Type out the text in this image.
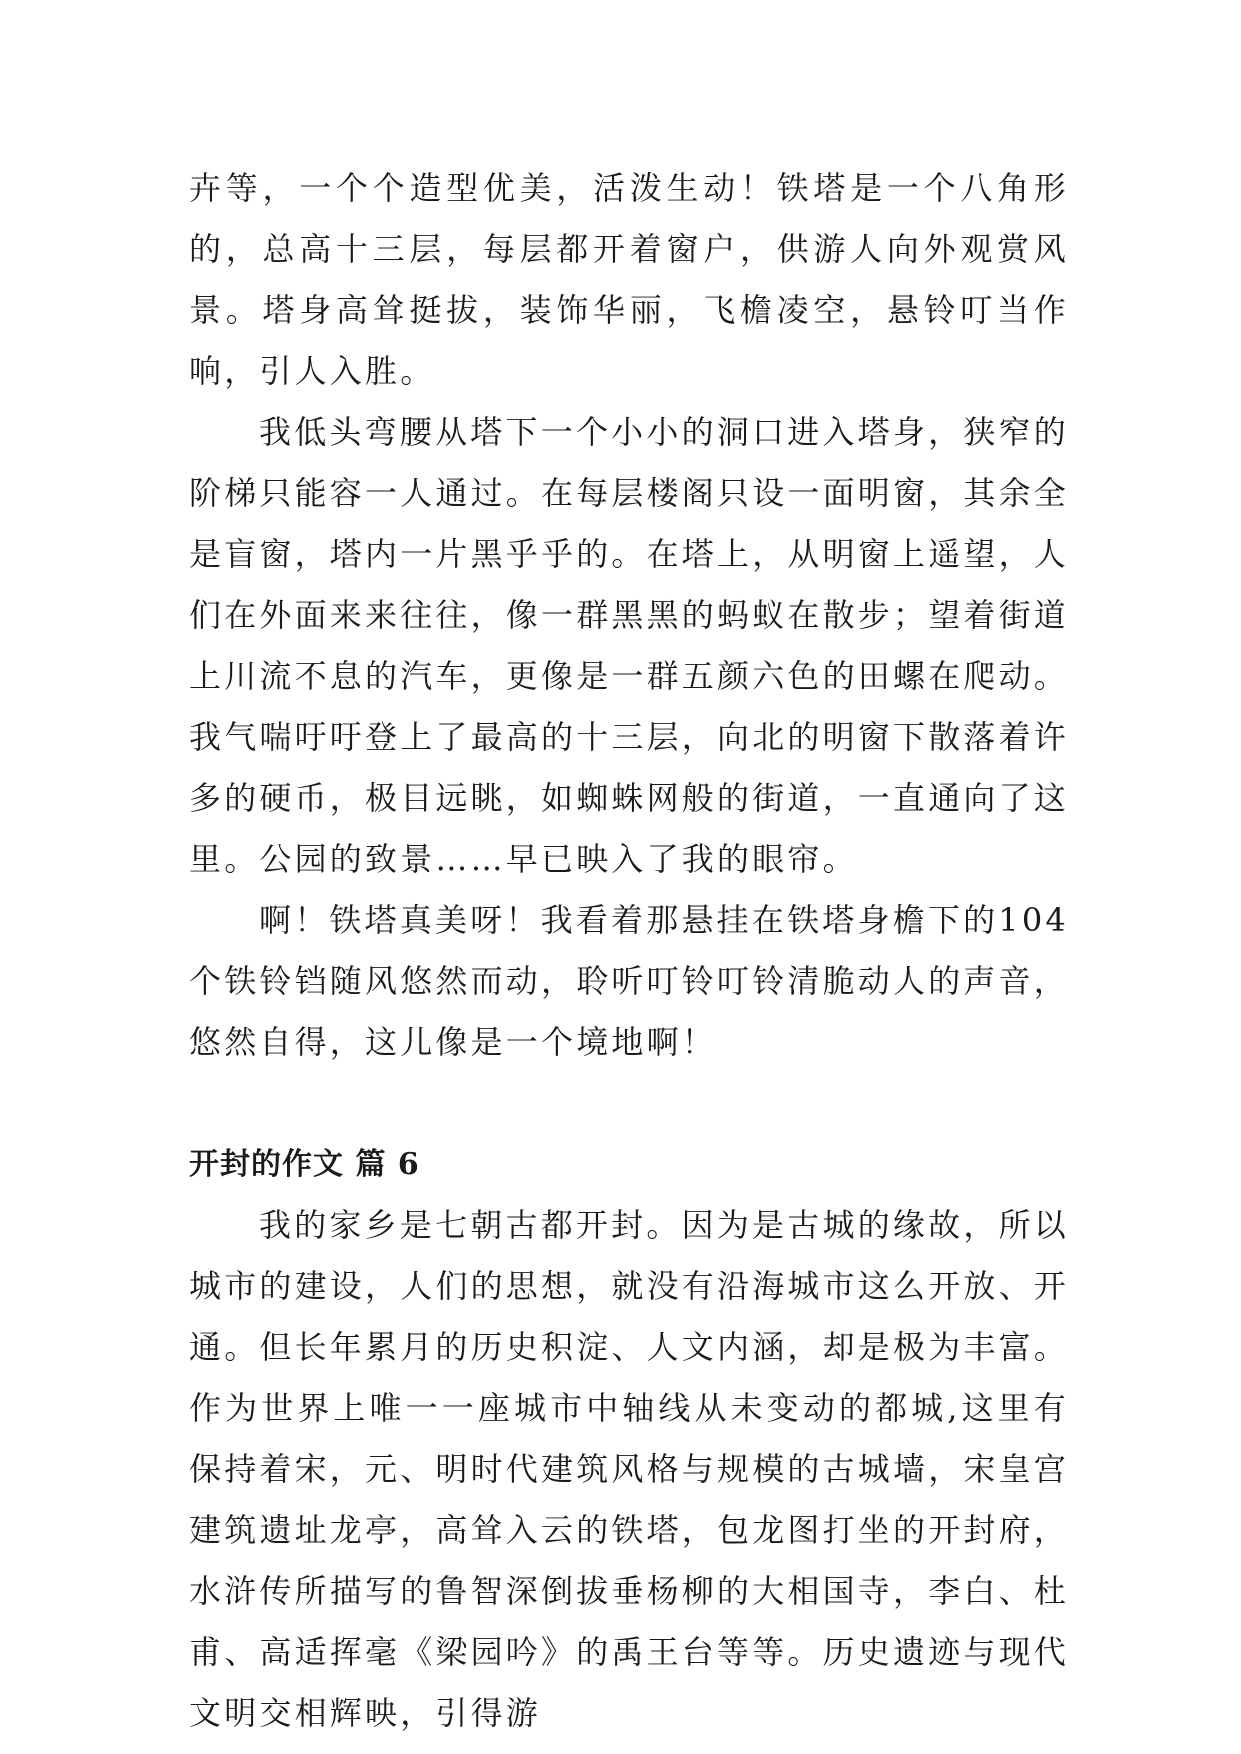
卉等，一个个造型优美，活泼生动！铁塔是一个八角形的，总高十三层，每层都开着窗户，供游人向外观赏风景。塔身高耸挺拔，装饰华丽，飞檐凌空，悬铃叮当作响，引人入胜。

我低头弯腰从塔下一个小小的洞口进入塔身，狭窄的阶梯只能容一人通过。在每层楼阁只设一面明窗，其余全是盲窗，塔内一片黑乎乎的。在塔上，从明窗上遥望，人们在外面来来往往，像一群黑黑的蚂蚁在散步；望着街道上川流不息的汽车，更像是一群五颜六色的田螺在爬动。我气喘吁吁登上了最高的十三层，向北的明窗下散落着许多的硬币，极目远眺，如蜘蛛网般的街道，一直通向了这里。公园的致景……早已映入了我的眼帘。

啊！铁塔真美呀！我看着那悬挂在铁塔身檐下的104个铁铃铛随风悠然而动，聆听叮铃叮铃清脆动人的声音，悠然自得，这儿像是一个境地啊！

开封的作文 篇 6

我的家乡是七朝古都开封。因为是古城的缘故，所以城市的建设，人们的思想，就没有沿海城市这么开放、开通。但长年累月的历史积淀、人文内涵，却是极为丰富。作为世界上唯一一座城市中轴线从未变动的都城,这里有保持着宋，元、明时代建筑风格与规模的古城墙，宋皇宫建筑遗址龙亭，高耸入云的铁塔，包龙图打坐的开封府，水浒传所描写的鲁智深倒拔垂杨柳的大相国寺，李白、杜甫、高适挥毫《梁园吟》的禹王台等等。历史遗迹与现代文明交相辉映，引得游
